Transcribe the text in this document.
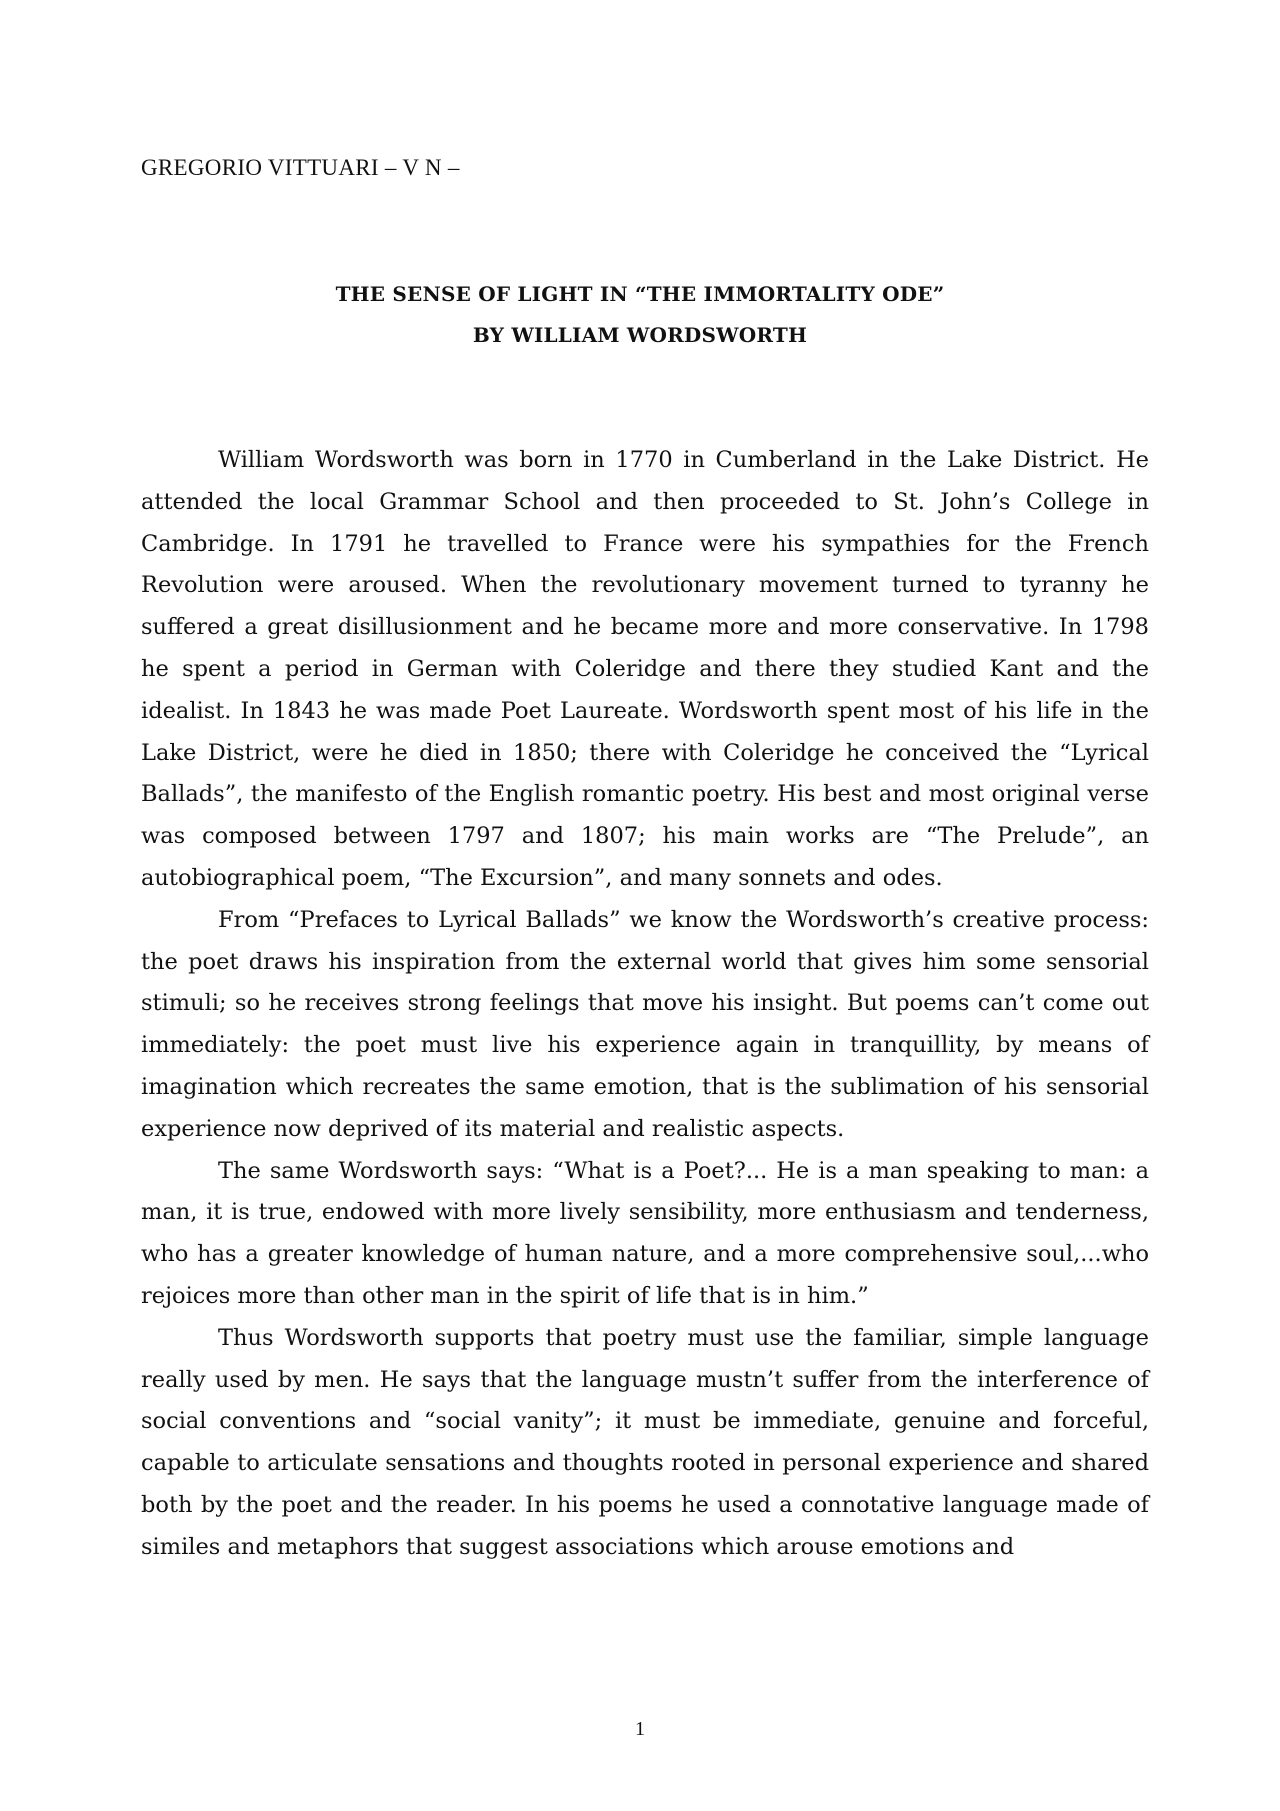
GREGORIO VITTUARI – V N –
THE SENSE OF LIGHT IN “THE IMMORTALITY ODE”
BY WILLIAM WORDSWORTH

William Wordsworth was born in 1770 in Cumberland in the Lake District. He attended the local Grammar School and then proceeded to St. John’s College in Cambridge. In 1791 he travelled to France were his sympathies for the French Revolution were aroused. When the revolutionary movement turned to tyranny he suffered a great disillusionment and he became more and more conservative. In 1798 he spent a period in German with Coleridge and there they studied Kant and the idealist. In 1843 he was made Poet Laureate. Wordsworth spent most of his life in the Lake District, were he died in 1850; there with Coleridge he conceived the “Lyrical Ballads”, the manifesto of the English romantic poetry. His best and most original verse was composed between 1797 and 1807; his main works are “The Prelude”, an autobiographical poem, “The Excursion”, and many sonnets and odes.

From “Prefaces to Lyrical Ballads” we know the Wordsworth’s creative process: the poet draws his inspiration from the external world that gives him some sensorial stimuli; so he receives strong feelings that move his insight. But poems can’t come out immediately: the poet must live his experience again in tranquillity, by means of imagination which recreates the same emotion, that is the sublimation of his sensorial experience now deprived of its material and realistic aspects.

The same Wordsworth says: “What is a Poet?... He is a man speaking to man: a man, it is true, endowed with more lively sensibility, more enthusiasm and tenderness, who has a greater knowledge of human nature, and a more comprehensive soul,...who rejoices more than other man in the spirit of life that is in him.”

Thus Wordsworth supports that poetry must use the familiar, simple language really used by men. He says that the language mustn’t suffer from the interference of social conventions and “social vanity”; it must be immediate, genuine and forceful, capable to articulate sensations and thoughts rooted in personal experience and shared both by the poet and the reader. In his poems he used a connotative language made of similes and metaphors that suggest associations which arouse emotions and

1
